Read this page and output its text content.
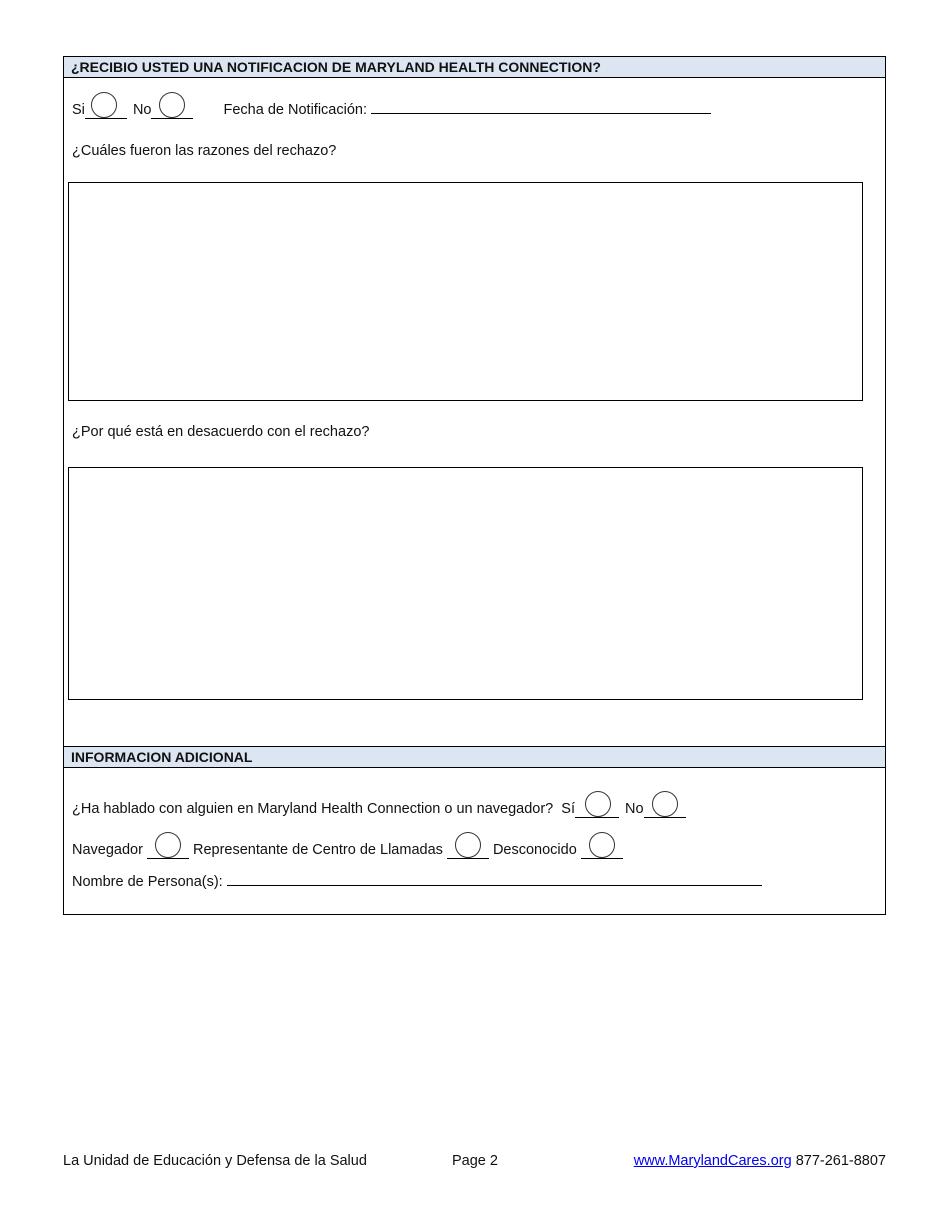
¿RECIBIO USTED UNA NOTIFICACION DE MARYLAND HEALTH CONNECTION?
Si	No	Fecha de Notificación:
¿Cuáles fueron las razones del rechazo?
¿Por qué está en desacuerdo con el rechazo?
INFORMACION ADICIONAL
¿Ha hablado con alguien en Maryland Health Connection o un navegador? Sí	No
Navegador	Representante de Centro de Llamadas	Desconocido
Nombre de Persona(s):
La Unidad de Educación y Defensa de la Salud	Page 2	www.MarylandCares.org 877-261-8807
